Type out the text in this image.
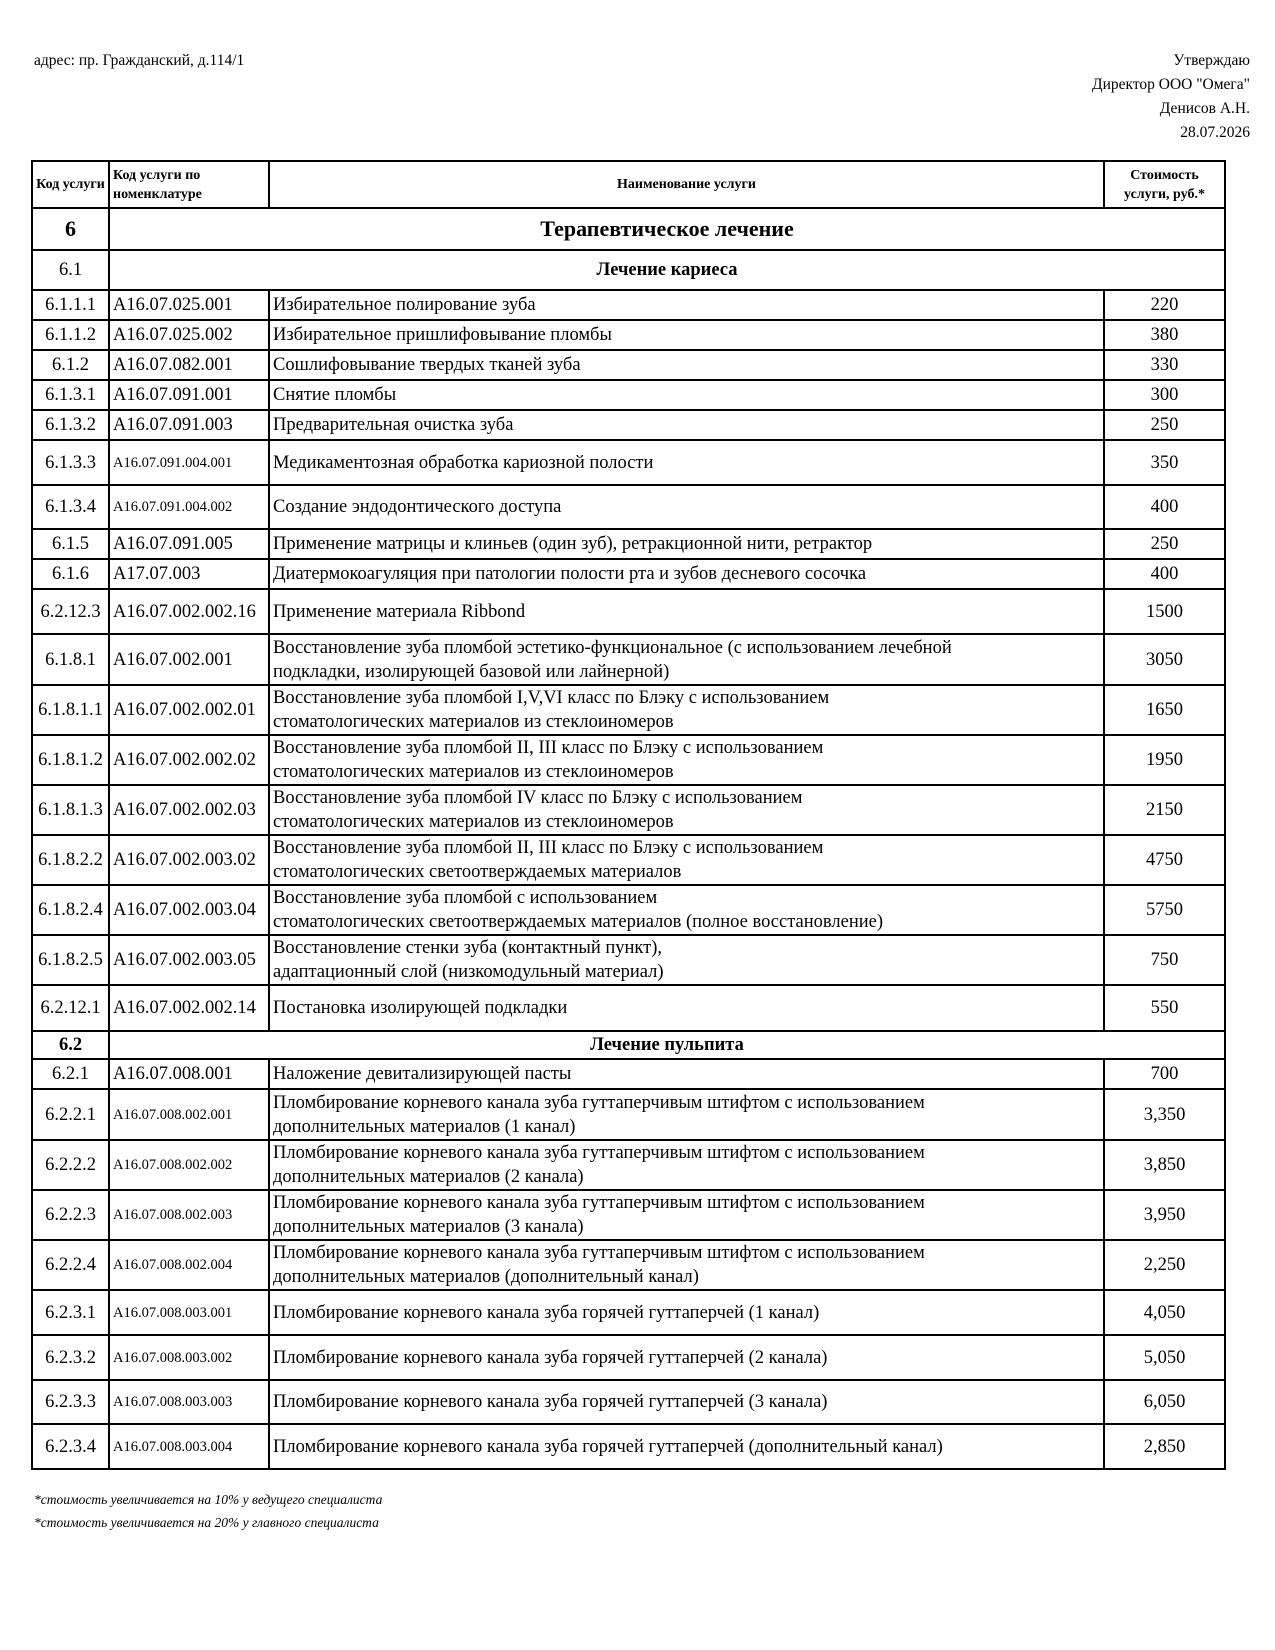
адрес: пр. Гражданский, д.114/1	Утверждаю
Директор ООО "Омега"
Денисов А.Н.
28.07.2026
Код услуги	Код услуги по номенклатуре	Наименование услуги	Стоимость услуги, руб.*
6	Терапевтическое лечение		
6.1	Лечение кариеса		
6.1.1.1	A16.07.025.001	Избирательное полирование зуба	220
6.1.1.2	A16.07.025.002	Избирательное пришлифовывание пломбы	380
6.1.2	A16.07.082.001	Сошлифовывание твердых тканей зуба	330
6.1.3.1	A16.07.091.001	Снятие пломбы	300
6.1.3.2	A16.07.091.003	Предварительная очистка зуба	250
6.1.3.3	A16.07.091.004.001	Медикаментозная обработка кариозной полости	350
6.1.3.4	A16.07.091.004.002	Создание эндодонтического доступа	400
6.1.5	A16.07.091.005	Применение матрицы и клиньев (один зуб), ретракционной нити, ретрактор	250
6.1.6	A17.07.003	Диатермокоагуляция при патологии полости рта и зубов десневого сосочка	400
6.2.12.3	A16.07.002.002.16	Применение материала Ribbond	1500
6.1.8.1	A16.07.002.001	Восстановление зуба пломбой эстетико-функциональное (с использованием лечебной
подкладки, изолирующей базовой или лайнерной)	3050
6.1.8.1.1	A16.07.002.002.01	Восстановление зуба пломбой I,V,VI класс по Блэку с использованием
стоматологических материалов из стеклоиномеров	1650
6.1.8.1.2	A16.07.002.002.02	Восстановление зуба пломбой II, III класс по Блэку с использованием
стоматологических материалов из стеклоиномеров	1950
6.1.8.1.3	A16.07.002.002.03	Восстановление зуба пломбой IV класс по Блэку с использованием
стоматологических материалов из стеклоиномеров	2150
6.1.8.2.2	A16.07.002.003.02	Восстановление зуба пломбой II, III класс по Блэку с использованием
стоматологических светоотверждаемых материалов	4750
6.1.8.2.4	A16.07.002.003.04	Восстановление зуба пломбой с использованием
стоматологических светоотверждаемых материалов (полное восстановление)	5750
6.1.8.2.5	A16.07.002.003.05	Восстановление стенки зуба (контактный пункт),
адаптационный слой (низкомодульный материал)	750
6.2.12.1	A16.07.002.002.14	Постановка изолирующей подкладки	550
6.2	Лечение пульпита		
6.2.1	A16.07.008.001	Наложение девитализирующей пасты	700
6.2.2.1	A16.07.008.002.001	Пломбирование корневого канала зуба гуттаперчивым штифтом с использованием
дополнительных материалов (1 канал)	3,350
6.2.2.2	A16.07.008.002.002	Пломбирование корневого канала зуба гуттаперчивым штифтом с использованием
дополнительных материалов (2 канала)	3,850
6.2.2.3	A16.07.008.002.003	Пломбирование корневого канала зуба гуттаперчивым штифтом с использованием
дополнительных материалов (3 канала)	3,950
6.2.2.4	A16.07.008.002.004	Пломбирование корневого канала зуба гуттаперчивым штифтом с использованием
дополнительных материалов (дополнительный канал)	2,250
6.2.3.1	A16.07.008.003.001	Пломбирование корневого канала зуба горячей гуттаперчей (1 канал)	4,050
6.2.3.2	A16.07.008.003.002	Пломбирование корневого канала зуба горячей гуттаперчей (2 канала)	5,050
6.2.3.3	A16.07.008.003.003	Пломбирование корневого канала зуба горячей гуттаперчей (3 канала)	6,050
6.2.3.4	A16.07.008.003.004	Пломбирование корневого канала зуба горячей гуттаперчей (дополнительный канал)	2,850
*стоимость увеличивается на 10% у ведущего специалиста
*стоимость увеличивается на 20% у главного специалиста
